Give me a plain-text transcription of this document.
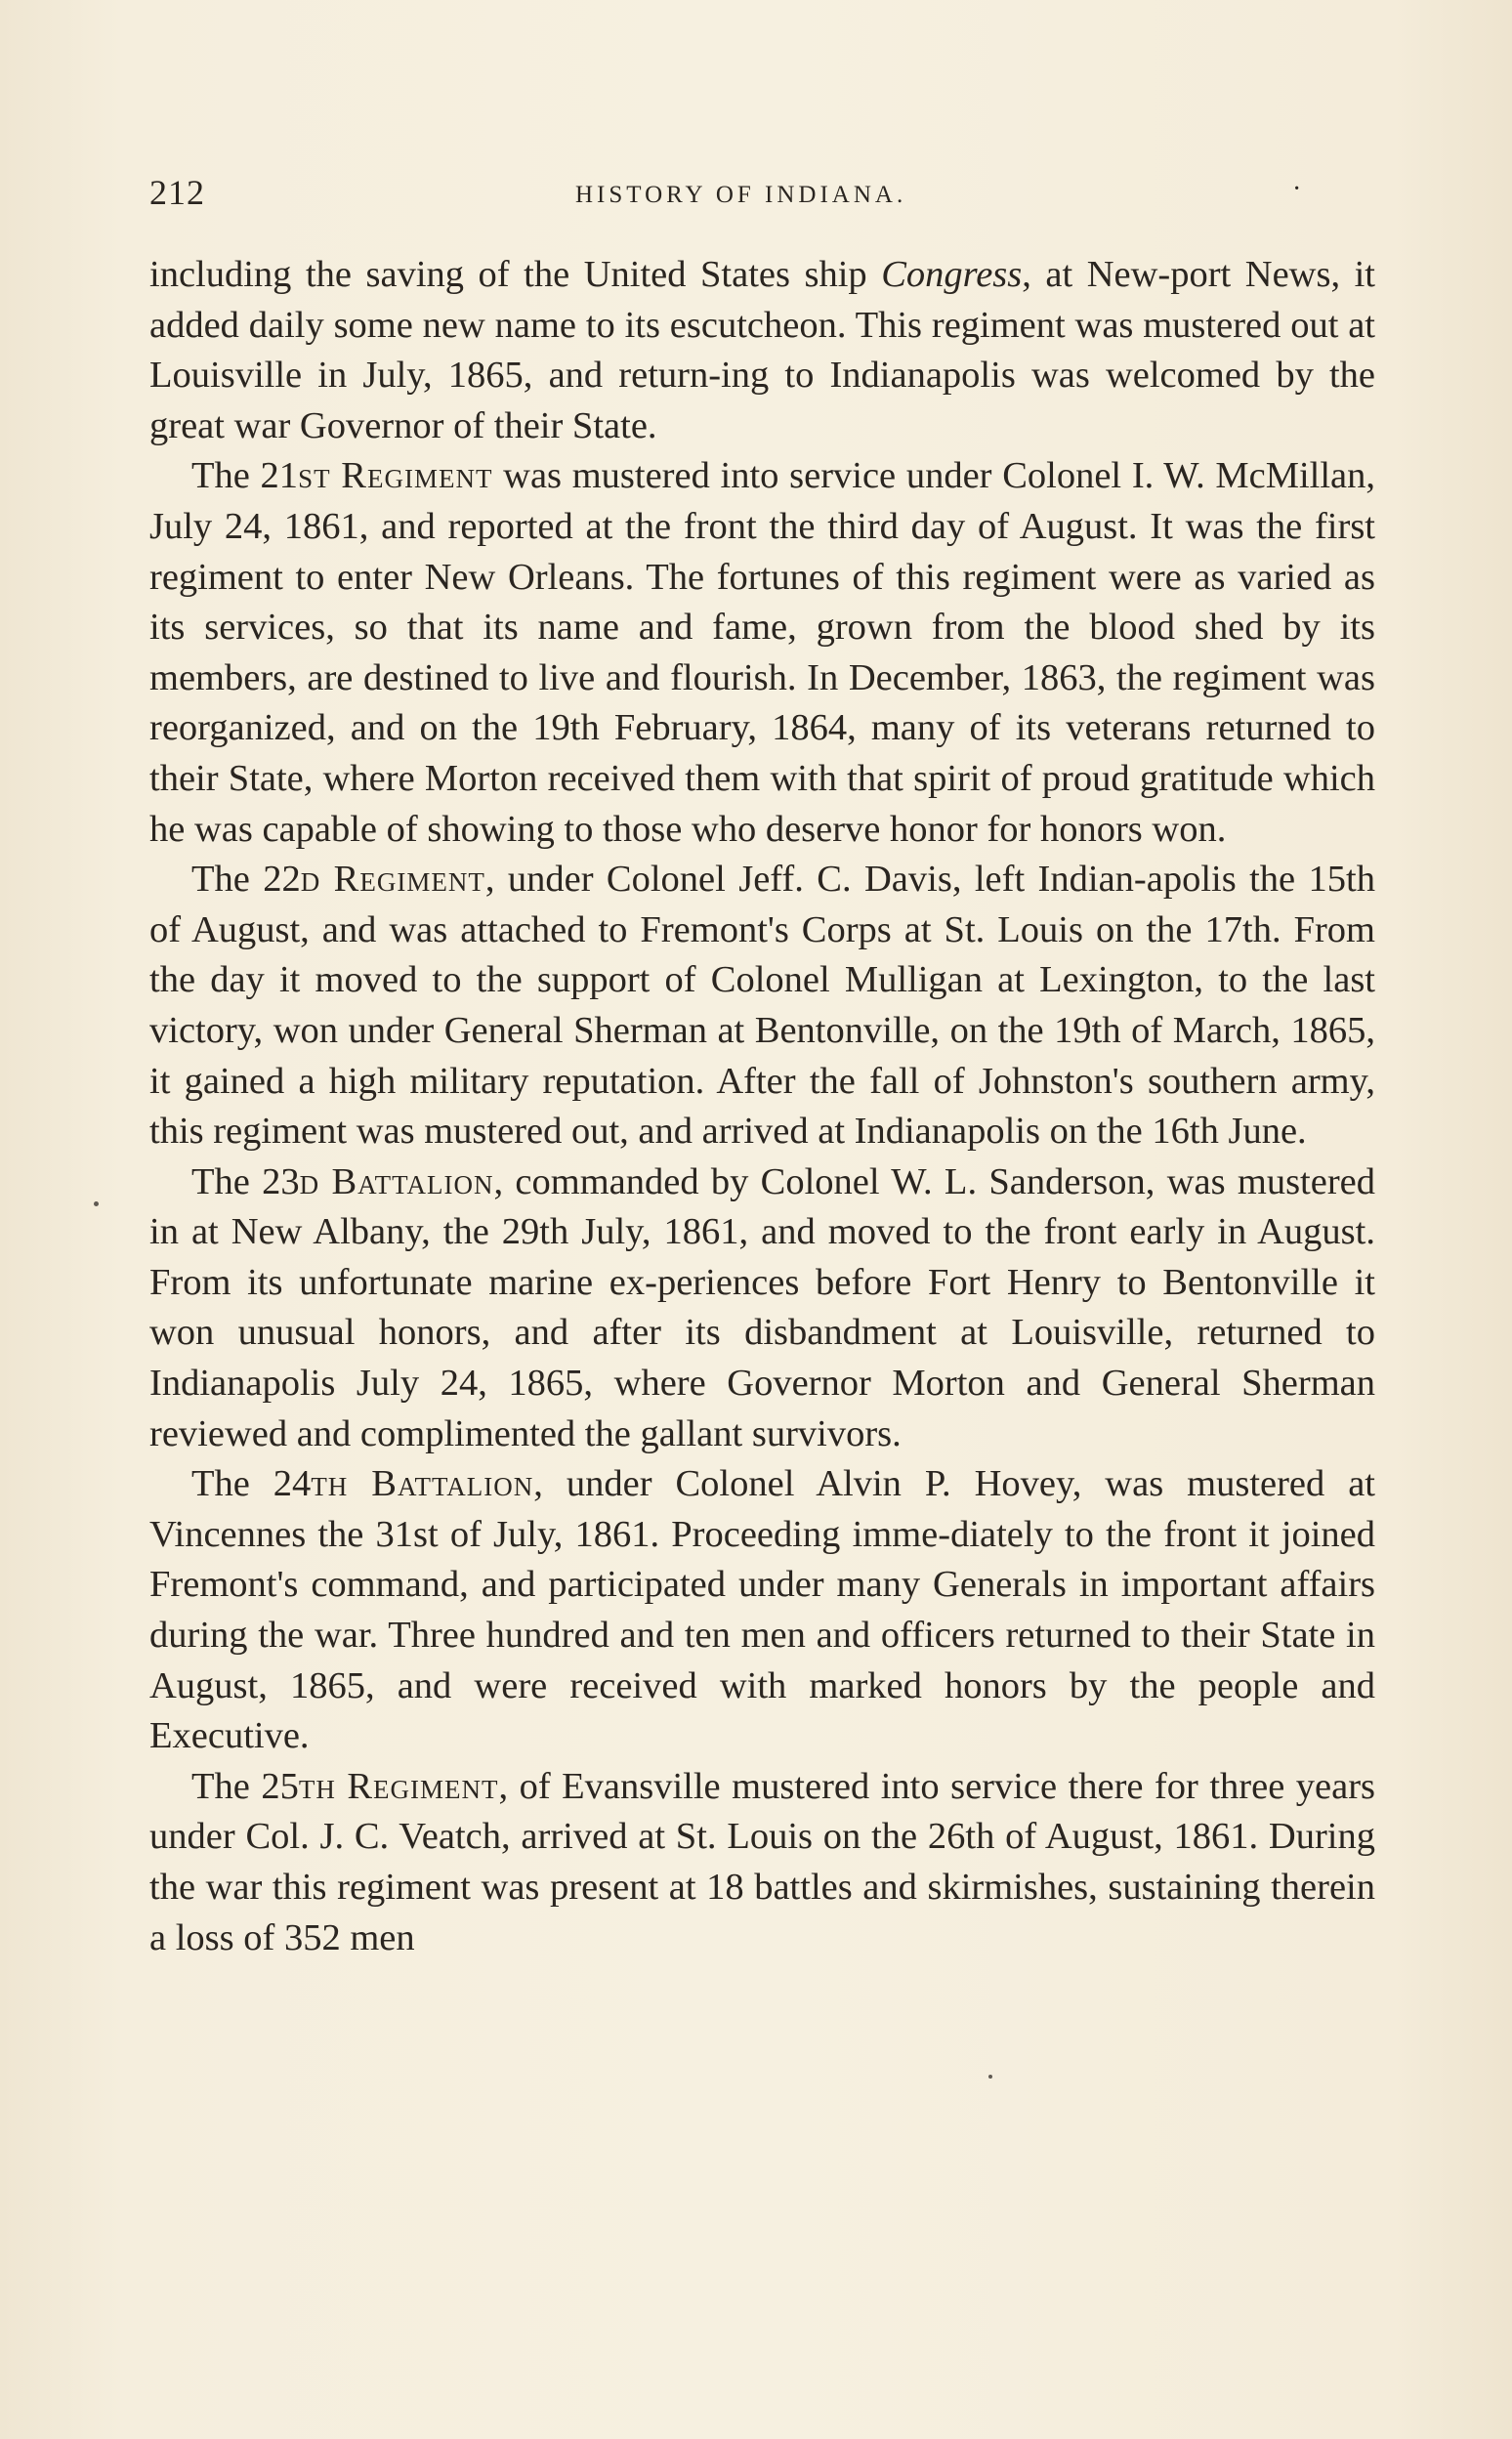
212	HISTORY OF INDIANA.	·

including the saving of the United States ship Congress, at New-port News, it added daily some new name to its escutcheon. This regiment was mustered out at Louisville in July, 1865, and return-ing to Indianapolis was welcomed by the great war Governor of their State.

The 21st Regiment was mustered into service under Colonel I. W. McMillan, July 24, 1861, and reported at the front the third day of August. It was the first regiment to enter New Orleans. The fortunes of this regiment were as varied as its services, so that its name and fame, grown from the blood shed by its members, are destined to live and flourish. In December, 1863, the regiment was reorganized, and on the 19th February, 1864, many of its veterans returned to their State, where Morton received them with that spirit of proud gratitude which he was capable of showing to those who deserve honor for honors won.

The 22d Regiment, under Colonel Jeff. C. Davis, left Indian-apolis the 15th of August, and was attached to Fremont's Corps at St. Louis on the 17th. From the day it moved to the support of Colonel Mulligan at Lexington, to the last victory, won under General Sherman at Bentonville, on the 19th of March, 1865, it gained a high military reputation. After the fall of Johnston's southern army, this regiment was mustered out, and arrived at Indianapolis on the 16th June.

The 23d Battalion, commanded by Colonel W. L. Sanderson, was mustered in at New Albany, the 29th July, 1861, and moved to the front early in August. From its unfortunate marine ex-periences before Fort Henry to Bentonville it won unusual honors, and after its disbandment at Louisville, returned to Indianapolis July 24, 1865, where Governor Morton and General Sherman reviewed and complimented the gallant survivors.

The 24th Battalion, under Colonel Alvin P. Hovey, was mustered at Vincennes the 31st of July, 1861. Proceeding imme-diately to the front it joined Fremont's command, and participated under many Generals in important affairs during the war. Three hundred and ten men and officers returned to their State in August, 1865, and were received with marked honors by the people and Executive.

The 25th Regiment, of Evansville mustered into service there for three years under Col. J. C. Veatch, arrived at St. Louis on the 26th of August, 1861. During the war this regiment was present at 18 battles and skirmishes, sustaining therein a loss of 352 men
